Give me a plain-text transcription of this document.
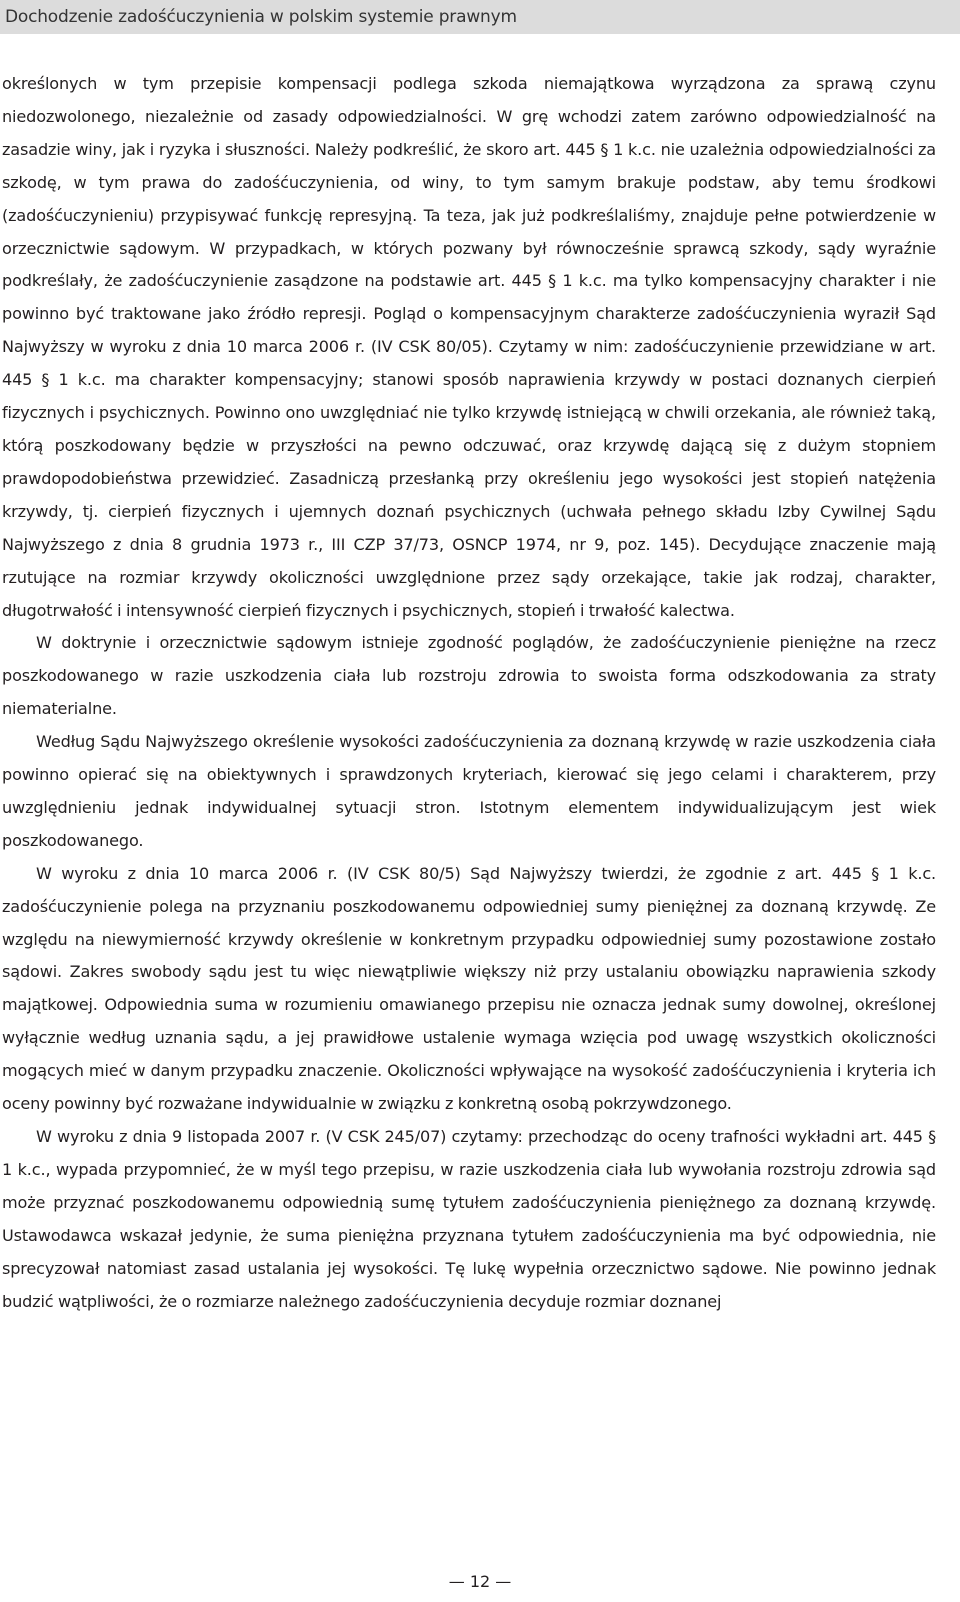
Dochodzenie zadośćuczynienia w polskim systemie prawnym

określonych w tym przepisie kompensacji podlega szkoda niemajątkowa wyrządzona za sprawą czynu niedozwolonego, niezależnie od zasady odpowiedzialności. W grę wchodzi zatem zarówno odpowiedzialność na zasadzie winy, jak i ryzyka i słuszności. Należy podkreślić, że skoro art. 445 § 1 k.c. nie uzależnia odpowiedzialności za szkodę, w tym prawa do zadośćuczynienia, od winy, to tym samym brakuje podstaw, aby temu środkowi (zadośćuczynieniu) przypisywać funkcję represyjną. Ta teza, jak już podkreślaliśmy, znajduje pełne potwierdzenie w orzecznictwie sądowym. W przypadkach, w których pozwany był równocześnie sprawcą szkody, sądy wyraźnie podkreślały, że zadośćuczynienie zasądzone na podstawie art. 445 § 1 k.c. ma tylko kompensacyjny charakter i nie powinno być traktowane jako źródło represji. Pogląd o kompensacyjnym charakterze zadośćuczynienia wyraził Sąd Najwyższy w wyroku z dnia 10 marca 2006 r. (IV CSK 80/05). Czytamy w nim: zadośćuczynienie przewidziane w art. 445 § 1 k.c. ma charakter kompensacyjny; stanowi sposób naprawienia krzywdy w postaci doznanych cierpień fizycznych i psychicznych. Powinno ono uwzględniać nie tylko krzywdę istniejącą w chwili orzekania, ale również taką, którą poszkodowany będzie w przyszłości na pewno odczuwać, oraz krzywdę dającą się z dużym stopniem prawdopodobieństwa przewidzieć. Zasadniczą przesłanką przy określeniu jego wysokości jest stopień natężenia krzywdy, tj. cierpień fizycznych i ujemnych doznań psychicznych (uchwała pełnego składu Izby Cywilnej Sądu Najwyższego z dnia 8 grudnia 1973 r., III CZP 37/73, OSNCP 1974, nr 9, poz. 145). Decydujące znaczenie mają rzutujące na rozmiar krzywdy okoliczności uwzględnione przez sądy orzekające, takie jak rodzaj, charakter, długotrwałość i intensywność cierpień fizycznych i psychicznych, stopień i trwałość kalectwa.

W doktrynie i orzecznictwie sądowym istnieje zgodność poglądów, że zadośćuczynienie pieniężne na rzecz poszkodowanego w razie uszkodzenia ciała lub rozstroju zdrowia to swoista forma odszkodowania za straty niematerialne.

Według Sądu Najwyższego określenie wysokości zadośćuczynienia za doznaną krzywdę w razie uszkodzenia ciała powinno opierać się na obiektywnych i sprawdzonych kryteriach, kierować się jego celami i charakterem, przy uwzględnieniu jednak indywidualnej sytuacji stron. Istotnym elementem indywidualizującym jest wiek poszkodowanego.

W wyroku z dnia 10 marca 2006 r. (IV CSK 80/5) Sąd Najwyższy twierdzi, że zgodnie z art. 445 § 1 k.c. zadośćuczynienie polega na przyznaniu poszkodowanemu odpowiedniej sumy pieniężnej za doznaną krzywdę. Ze względu na niewymierność krzywdy określenie w konkretnym przypadku odpowiedniej sumy pozostawione zostało sądowi. Zakres swobody sądu jest tu więc niewątpliwie większy niż przy ustalaniu obowiązku naprawienia szkody majątkowej. Odpowiednia suma w rozumieniu omawianego przepisu nie oznacza jednak sumy dowolnej, określonej wyłącznie według uznania sądu, a jej prawidłowe ustalenie wymaga wzięcia pod uwagę wszystkich okoliczności mogących mieć w danym przypadku znaczenie. Okoliczności wpływające na wysokość zadośćuczynienia i kryteria ich oceny powinny być rozważane indywidualnie w związku z konkretną osobą pokrzywdzonego.

W wyroku z dnia 9 listopada 2007 r. (V CSK 245/07) czytamy: przechodząc do oceny trafności wykładni art. 445 § 1 k.c., wypada przypomnieć, że w myśl tego przepisu, w razie uszkodzenia ciała lub wywołania rozstroju zdrowia sąd może przyznać poszkodowanemu odpowiednią sumę tytułem zadośćuczynienia pieniężnego za doznaną krzywdę. Ustawodawca wskazał jedynie, że suma pieniężna przyznana tytułem zadośćuczynienia ma być odpowiednia, nie sprecyzował natomiast zasad ustalania jej wysokości. Tę lukę wypełnia orzecznictwo sądowe. Nie powinno jednak budzić wątpliwości, że o rozmiarze należnego zadośćuczynienia decyduje rozmiar doznanej

— 12 —
